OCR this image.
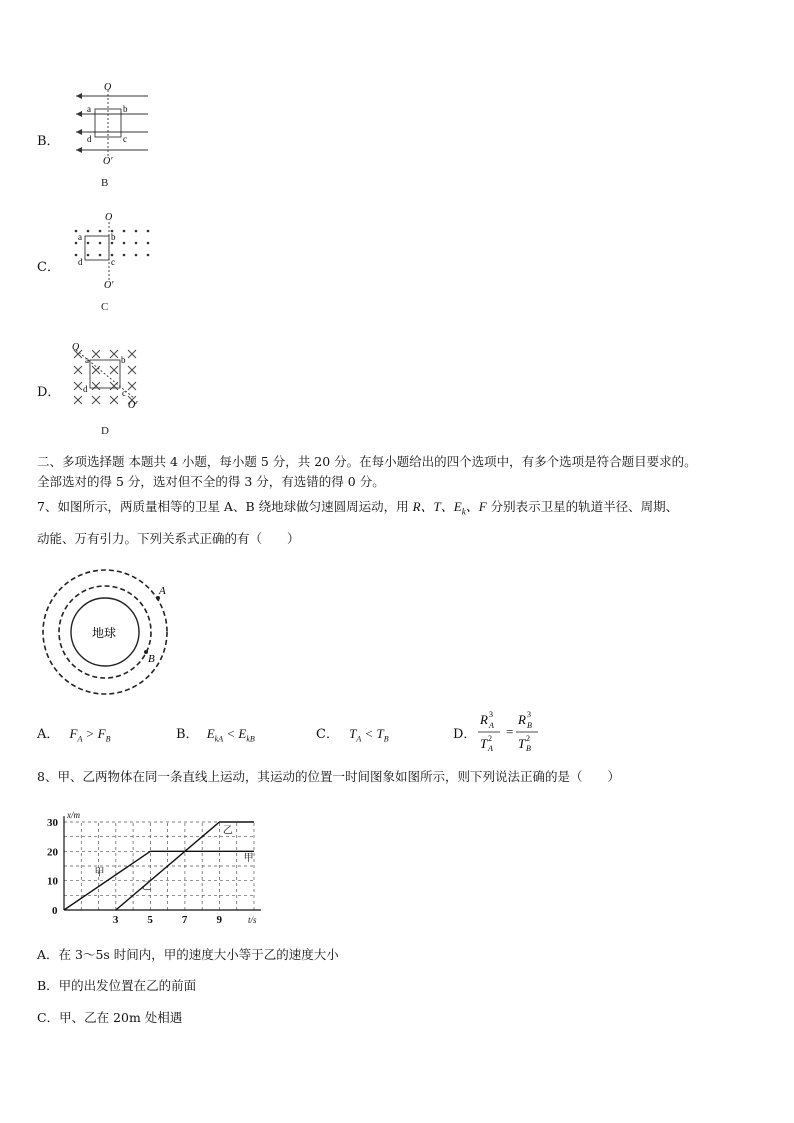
B．
O
O′
a	b
c
d
B
C．
O
O′
a	b
c
d
C
D．
O
O′
a	b
c
d
D
二、多项选择题 本题共 4 小题，每小题 5 分，共 20 分。在每小题给出的四个选项中，有多个选项是符合题目要求的。
全部选对的得 5 分，选对但不全的得 3 分，有选错的得 0 分。
7、如图所示，两质量相等的卫星 A、B 绕地球做匀速圆周运动，用 R、T、$E_k$、F 分别表示卫星的轨道半径、周期、
动能、万有引力。下列关系式正确的有（　　）
地球
A
B
A． $F_A > F_B$	B． $E_{kA} < E_{kB}$	C． $T_A < T_B$	D．
R A
3
T A
2 =
R B
3
T B
2
8、甲、乙两物体在同一条直线上运动，其运动的位置一时间图象如图所示，则下列说法正确的是（　　）
3	5	7	9
0
10
20
30
t/s
x/m
甲
甲
乙
乙
A．在 3～5s 时间内，甲的速度大小等于乙的速度大小
B．甲的出发位置在乙的前面
C．甲、乙在 20m 处相遇
